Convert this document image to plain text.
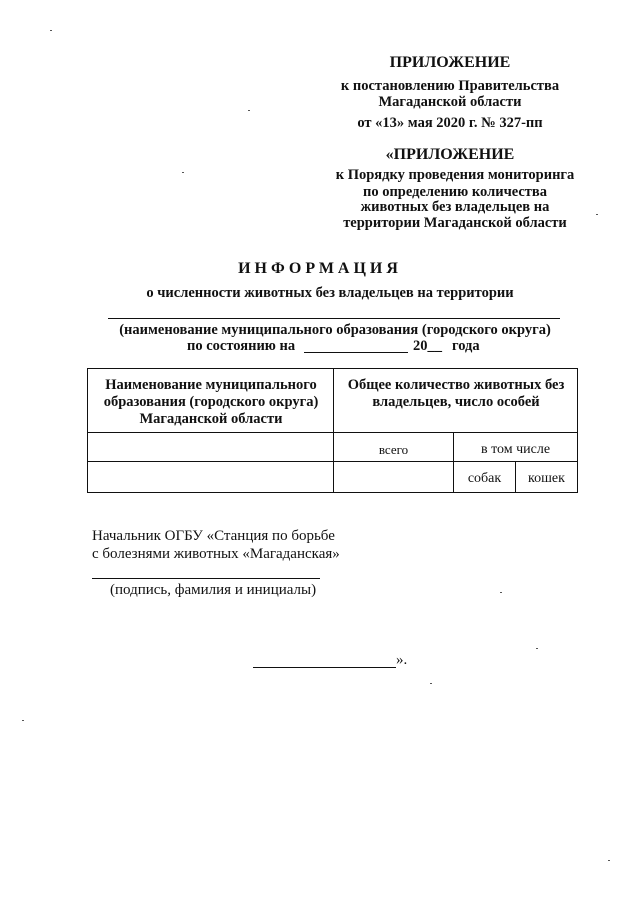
ПРИЛОЖЕНИЕ
к постановлению Правительства
Магаданской области
от «13» мая 2020 г. № 327-пп
«ПРИЛОЖЕНИЕ
к Порядку проведения мониторинга
по определению количества
животных без владельцев на
территории Магаданской области
ИНФОРМАЦИЯ
о численности животных без владельцев на территории
(наименование муниципального образования (городского округа)
по состоянию на	20__ года
Наименование муниципального образования (городского округа) Магаданской области
Общее количество животных без владельцев, число особей
всего	в том числе
собак	кошек
Начальник ОГБУ «Станция по борьбе
с болезнями животных «Магаданская»
(подпись, фамилия и инициалы)
».
